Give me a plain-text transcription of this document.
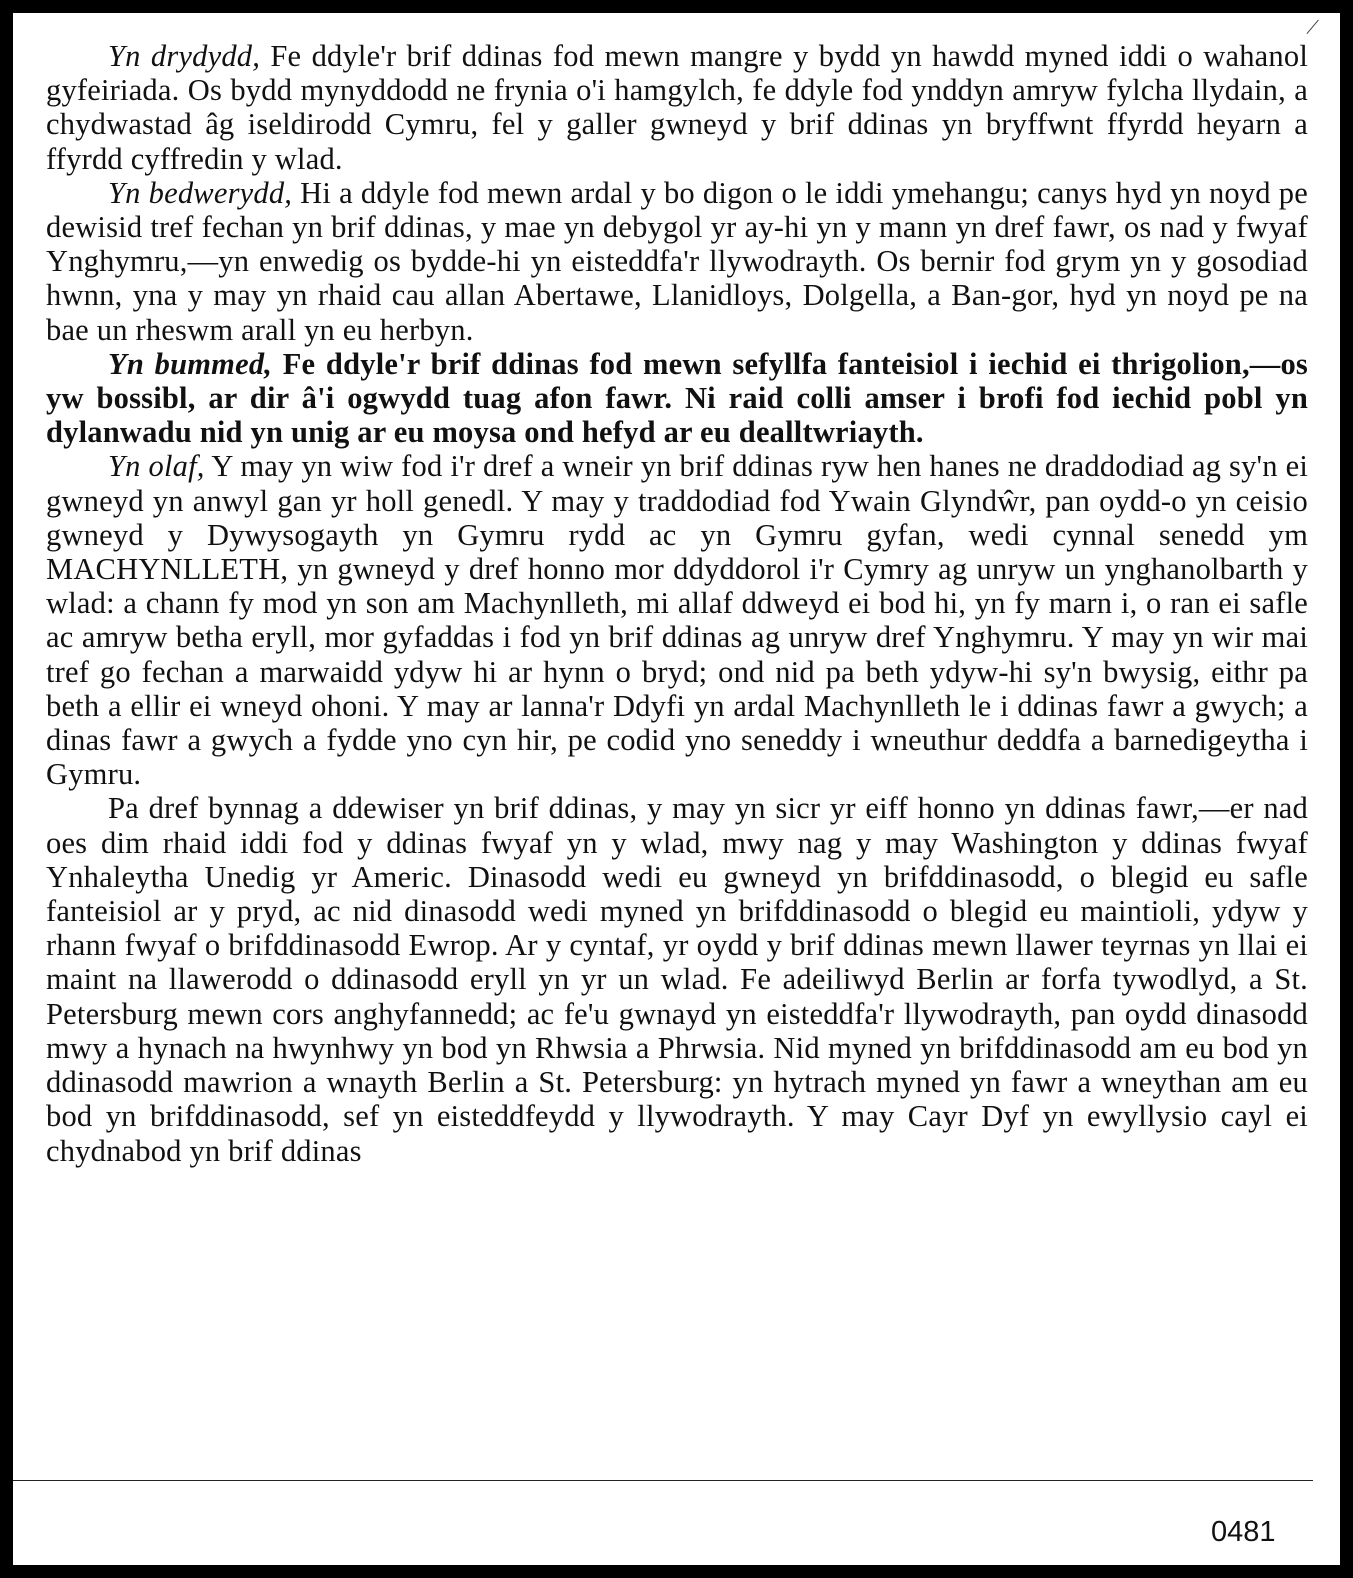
Yn drydydd, Fe ddyle'r brif ddinas fod mewn mangre y bydd yn hawdd myned iddi o wahanol gyfeiriada. Os bydd mynyddodd ne frynia o'i hamgylch, fe ddyle fod ynddyn amryw fylcha llydain, a chydwastad âg iseldirodd Cymru, fel y galler gwneyd y brif ddinas yn bryffwnt ffyrdd heyarn a ffyrdd cyffredin y wlad.

Yn bedwerydd, Hi a ddyle fod mewn ardal y bo digon o le iddi ymehangu; canys hyd yn noyd pe dewisid tref fechan yn brif ddinas, y mae yn debygol yr ay-hi yn y mann yn dref fawr, os nad y fwyaf Ynghymru,—yn enwedig os bydde-hi yn eisteddfa'r llywodrayth. Os bernir fod grym yn y gosodiad hwnn, yna y may yn rhaid cau allan Abertawe, Llanidloys, Dolgella, a Ban-gor, hyd yn noyd pe na bae un rheswm arall yn eu herbyn.

Yn bummed, Fe ddyle'r brif ddinas fod mewn sefyllfa fanteisiol i iechid ei thrigolion,—os yw bossibl, ar dir â'i ogwydd tuag afon fawr. Ni raid colli amser i brofi fod iechid pobl yn dylanwadu nid yn unig ar eu moysa ond hefyd ar eu dealltwriayth.

Yn olaf, Y may yn wiw fod i'r dref a wneir yn brif ddinas ryw hen hanes ne draddodiad ag sy'n ei gwneyd yn anwyl gan yr holl genedl. Y may y traddodiad fod Ywain Glyndŵr, pan oydd-o yn ceisio gwneyd y Dywysogayth yn Gymru rydd ac yn Gymru gyfan, wedi cynnal senedd ym MACHYNLLETH, yn gwneyd y dref honno mor ddyddorol i'r Cymry ag unryw un ynghanolbarth y wlad: a chann fy mod yn son am Machynlleth, mi allaf ddweyd ei bod hi, yn fy marn i, o ran ei safle ac amryw betha eryll, mor gyfaddas i fod yn brif ddinas ag unryw dref Ynghymru. Y may yn wir mai tref go fechan a marwaidd ydyw hi ar hynn o bryd; ond nid pa beth ydyw-hi sy'n bwysig, eithr pa beth a ellir ei wneyd ohoni. Y may ar lanna'r Ddyfi yn ardal Machynlleth le i ddinas fawr a gwych; a dinas fawr a gwych a fydde yno cyn hir, pe codid yno seneddy i wneuthur deddfa a barnedigeytha i Gymru.

Pa dref bynnag a ddewiser yn brif ddinas, y may yn sicr yr eiff honno yn ddinas fawr,—er nad oes dim rhaid iddi fod y ddinas fwyaf yn y wlad, mwy nag y may Washington y ddinas fwyaf Ynhaleytha Unedig yr Americ. Dinasodd wedi eu gwneyd yn brifddinasodd, o blegid eu safle fanteisiol ar y pryd, ac nid dinasodd wedi myned yn brifddinasodd o blegid eu maintioli, ydyw y rhann fwyaf o brifddinasodd Ewrop. Ar y cyntaf, yr oydd y brif ddinas mewn llawer teyrnas yn llai ei maint na llawerodd o ddinasodd eryll yn yr un wlad. Fe adeiliwyd Berlin ar forfa tywodlyd, a St. Petersburg mewn cors anghyfannedd; ac fe'u gwnayd yn eisteddfa'r llywodrayth, pan oydd dinasodd mwy a hynach na hwynhwy yn bod yn Rhwsia a Phrwsia. Nid myned yn brifddinasodd am eu bod yn ddinasodd mawrion a wnayth Berlin a St. Petersburg: yn hytrach myned yn fawr a wneythan am eu bod yn brifddinasodd, sef yn eisteddfeydd y llywodrayth. Y may Cayr Dyf yn ewyllysio cayl ei chydnabod yn brif ddinas

0481
